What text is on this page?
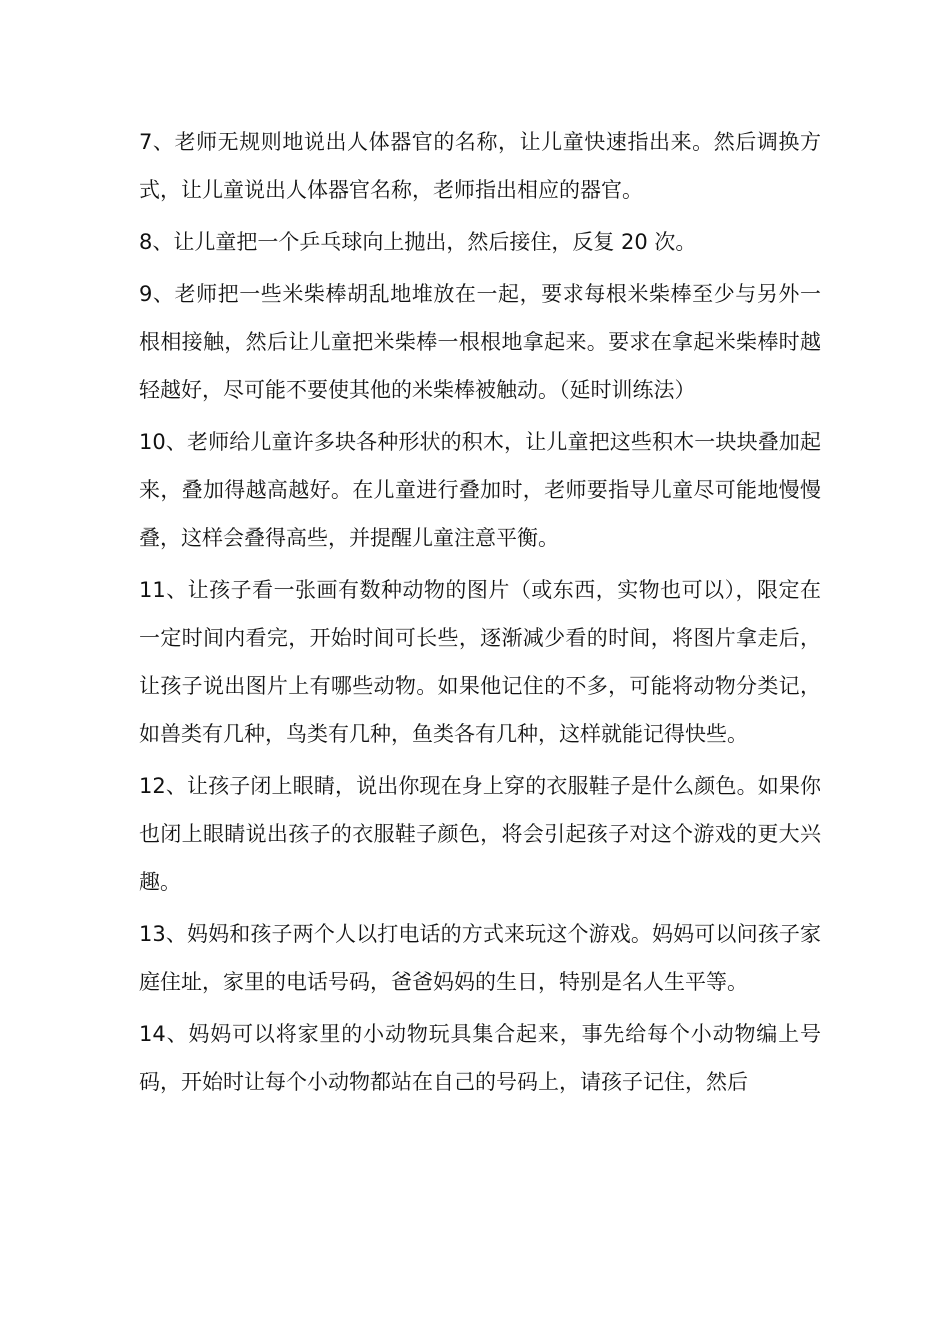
7、老师无规则地说出人体器官的名称，让儿童快速指出来。然后调换方式，让儿童说出人体器官名称，老师指出相应的器官。

8、让儿童把一个乒乓球向上抛出，然后接住，反复 20 次。

9、老师把一些米柴棒胡乱地堆放在一起，要求每根米柴棒至少与另外一根相接触，然后让儿童把米柴棒一根根地拿起来。要求在拿起米柴棒时越轻越好，尽可能不要使其他的米柴棒被触动。（延时训练法）

10、老师给儿童许多块各种形状的积木，让儿童把这些积木一块块叠加起来，叠加得越高越好。在儿童进行叠加时，老师要指导儿童尽可能地慢慢叠，这样会叠得高些，并提醒儿童注意平衡。

11、让孩子看一张画有数种动物的图片（或东西，实物也可以），限定在一定时间内看完，开始时间可长些，逐渐减少看的时间，将图片拿走后，让孩子说出图片上有哪些动物。如果他记住的不多，可能将动物分类记，如兽类有几种，鸟类有几种，鱼类各有几种，这样就能记得快些。

12、让孩子闭上眼睛，说出你现在身上穿的衣服鞋子是什么颜色。如果你也闭上眼睛说出孩子的衣服鞋子颜色，将会引起孩子对这个游戏的更大兴趣。

13、妈妈和孩子两个人以打电话的方式来玩这个游戏。妈妈可以问孩子家庭住址，家里的电话号码，爸爸妈妈的生日，特别是名人生平等。

14、妈妈可以将家里的小动物玩具集合起来，事先给每个小动物编上号码，开始时让每个小动物都站在自己的号码上，请孩子记住，然后
